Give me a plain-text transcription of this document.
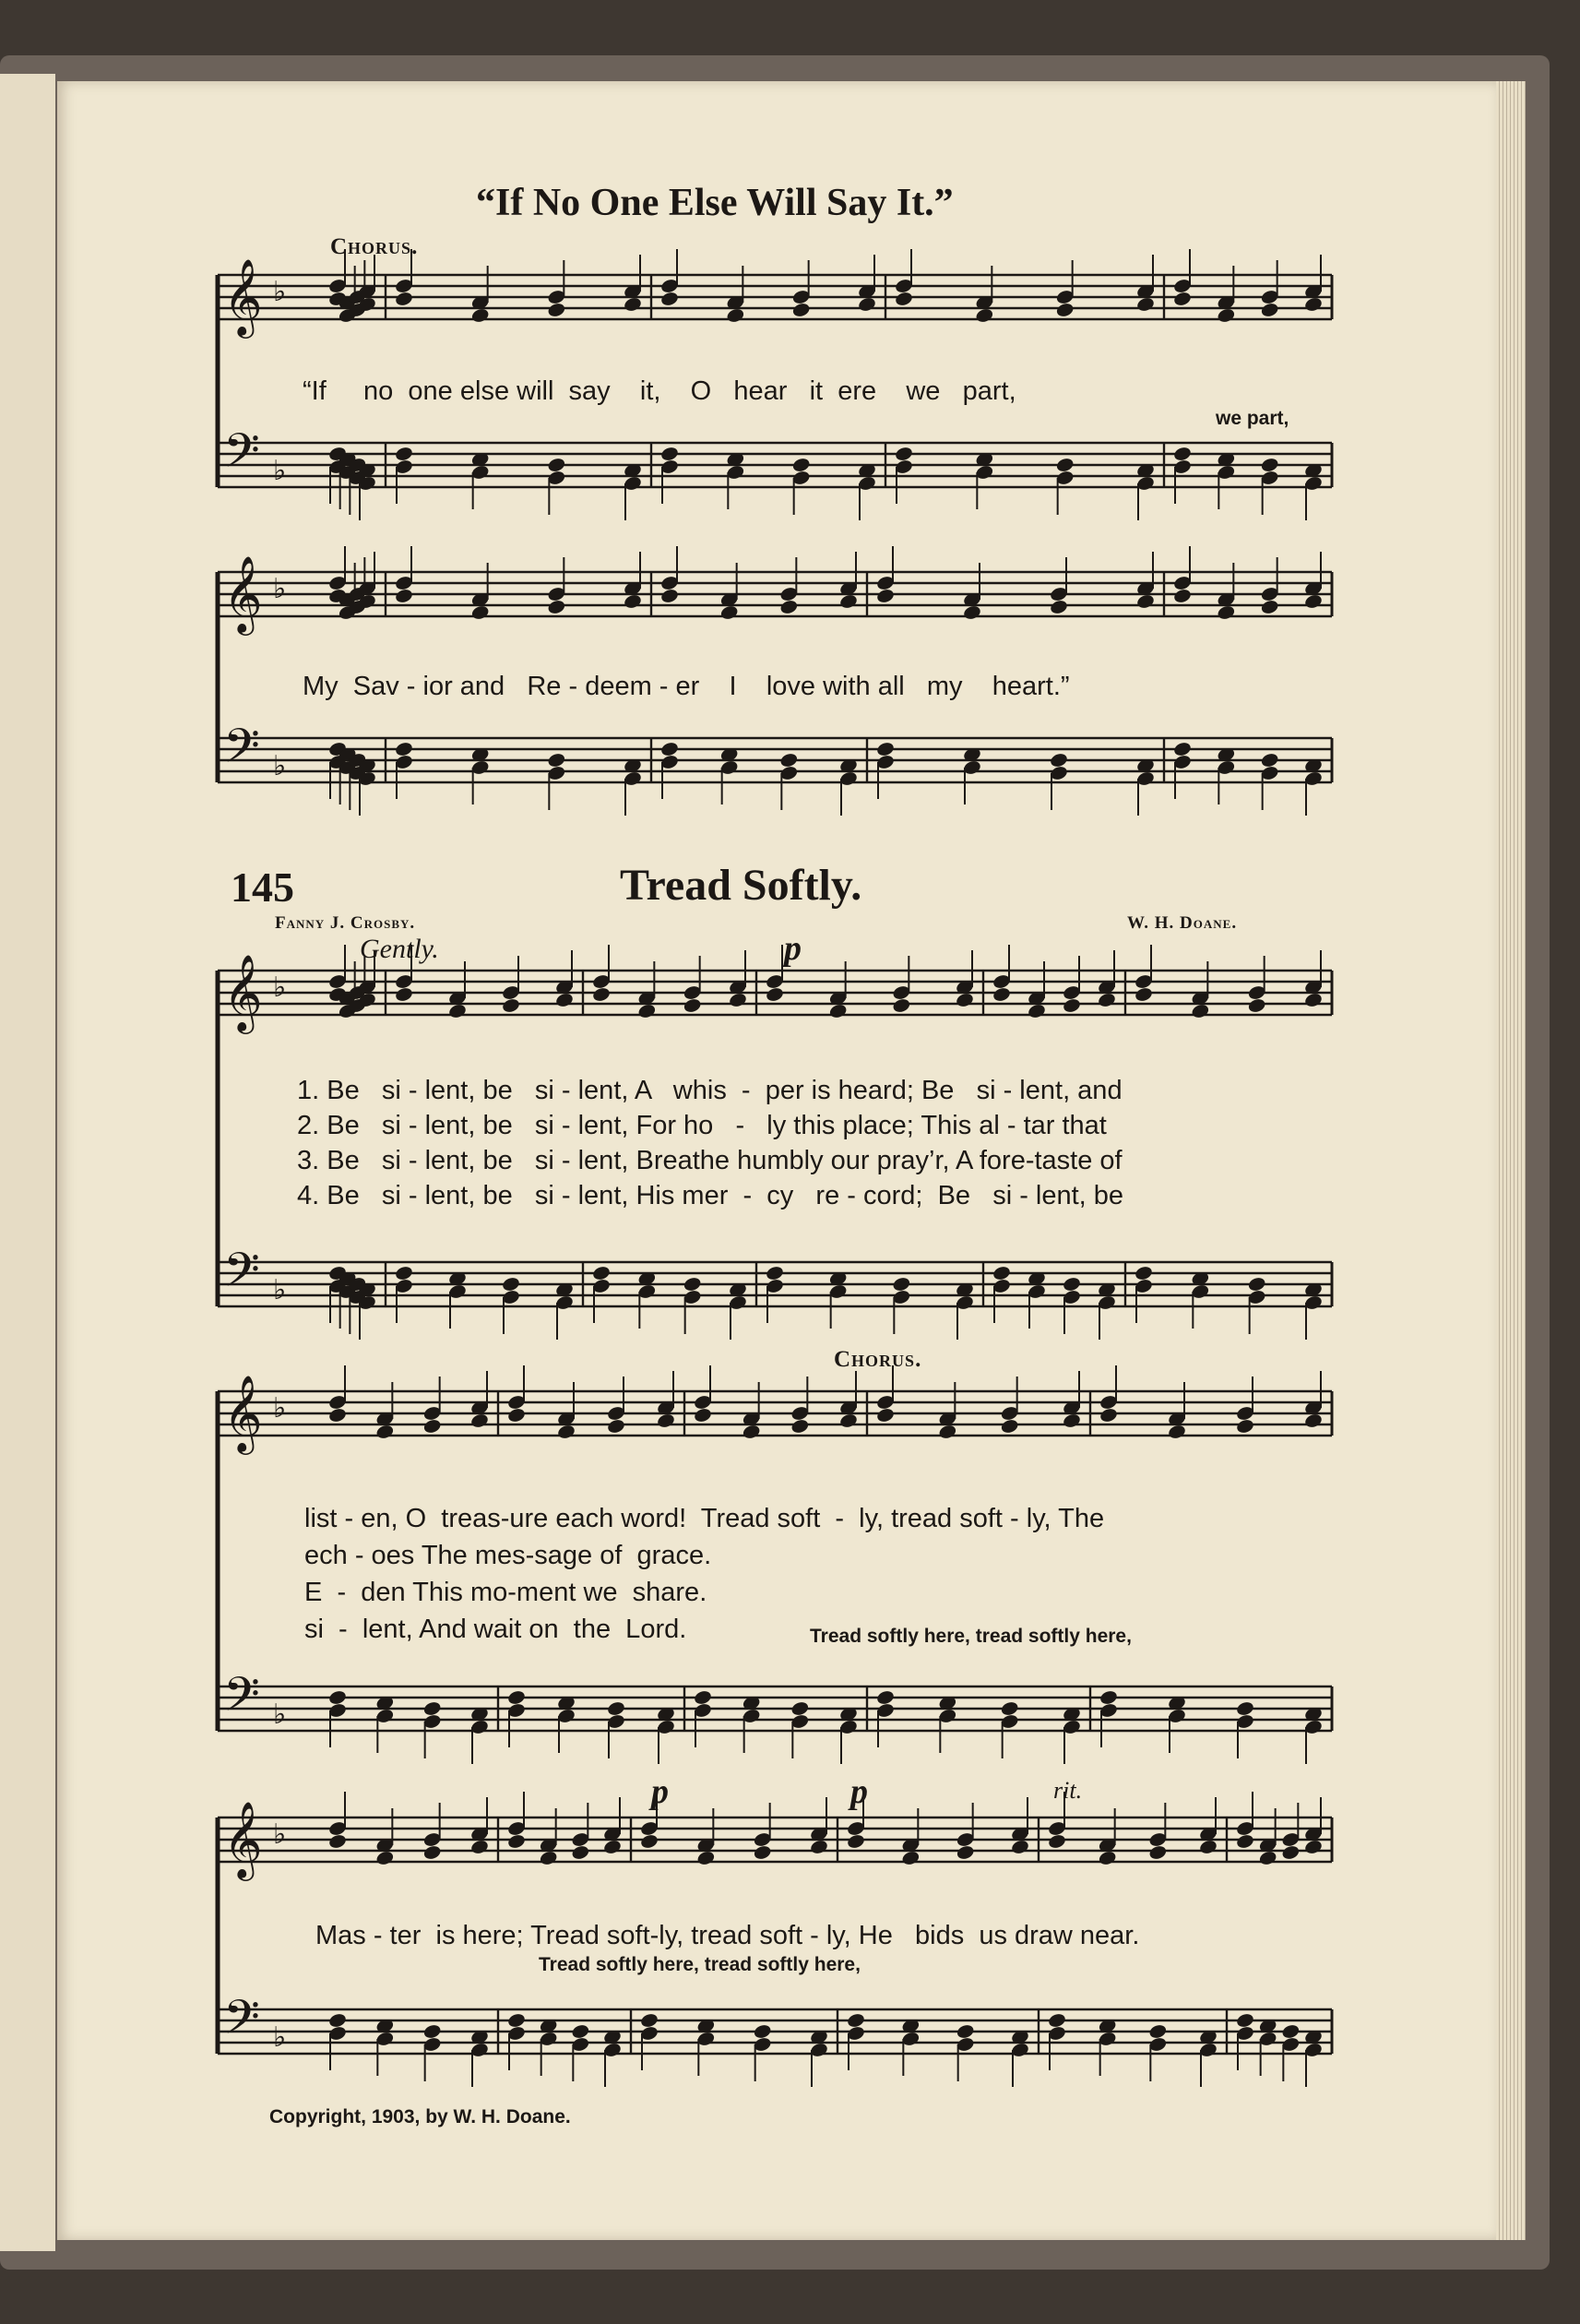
𝄞
𝄢
♭
♭
𝄞
𝄢
♭
♭
𝄞
𝄢
♭
♭
𝄞
𝄢
♭
♭
𝄞
𝄢
♭
♭
“If No One Else Will Say It.”
Chorus.
“If     no  one else will  say    it,    O   hear   it  ere    we   part,
we part,
My  Sav - ior and   Re - deem - er    I    love with all   my    heart.”
145	Tread Softly.
Fanny J. Crosby.	W. H. Doane.
Gently.	p
1. Be   si - lent, be   si - lent, A   whis  -  per is heard; Be   si - lent, and
2. Be   si - lent, be   si - lent, For ho   -   ly this place; This al - tar that
3. Be   si - lent, be   si - lent, Breathe humbly our pray’r, A fore-taste of
4. Be   si - lent, be   si - lent, His mer  -  cy   re - cord;  Be   si - lent, be
Chorus.
list - en, O  treas-ure each word!  Tread soft  -  ly, tread soft - ly, The
ech - oes The mes-sage of  grace.
E  -  den This mo-ment we  share.
si  -  lent, And wait on  the  Lord.	Tread softly here, tread softly here,
p	p	rit.
Mas - ter  is here; Tread soft-ly, tread soft - ly, He   bids  us draw near.
Tread softly here, tread softly here,
Copyright, 1903, by W. H. Doane.
